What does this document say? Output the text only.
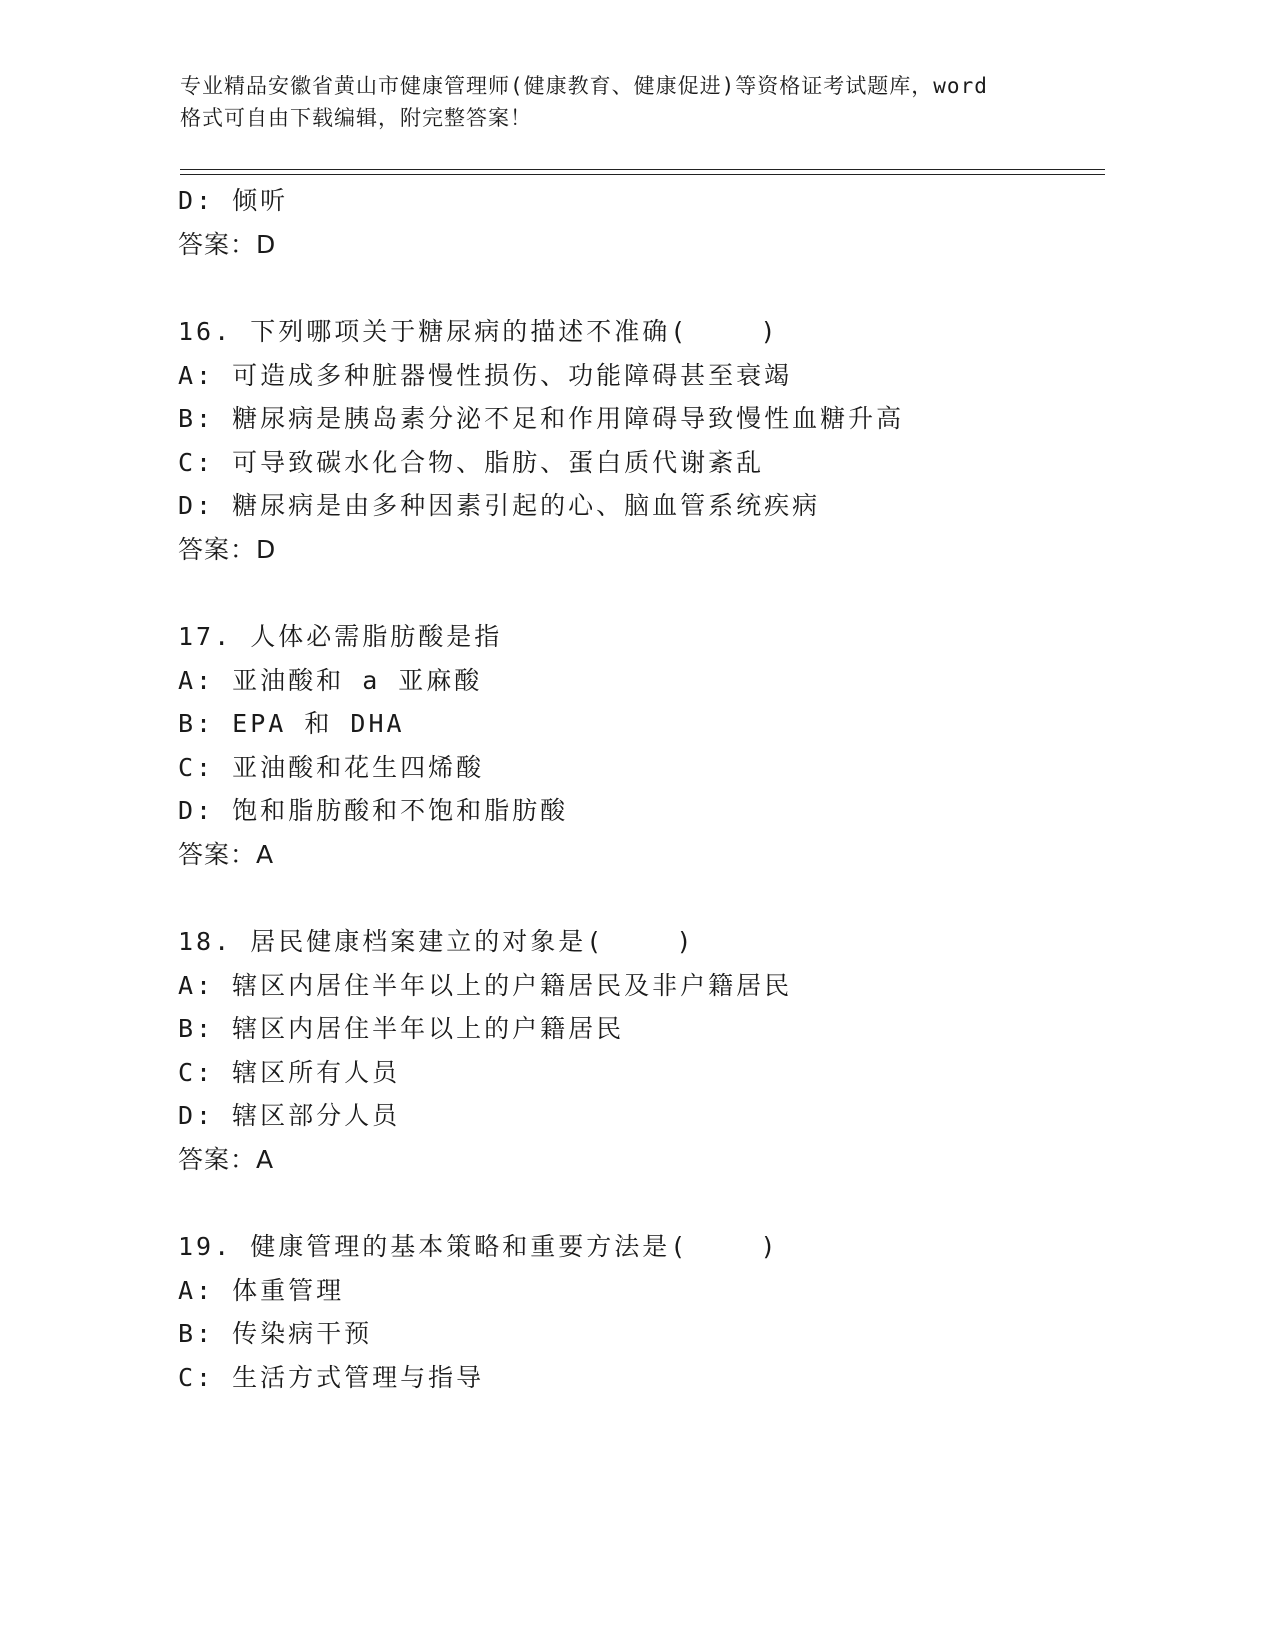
专业精品安徽省黄山市健康管理师(健康教育、健康促进)等资格证考试题库，word
格式可自由下载编辑，附完整答案！
D: 倾听
答案：D
16. 下列哪项关于糖尿病的描述不准确(    )
A: 可造成多种脏器慢性损伤、功能障碍甚至衰竭
B: 糖尿病是胰岛素分泌不足和作用障碍导致慢性血糖升高
C: 可导致碳水化合物、脂肪、蛋白质代谢紊乱
D: 糖尿病是由多种因素引起的心、脑血管系统疾病
答案：D
17. 人体必需脂肪酸是指
A: 亚油酸和 a 亚麻酸
B: EPA 和 DHA
C: 亚油酸和花生四烯酸
D: 饱和脂肪酸和不饱和脂肪酸
答案：A
18. 居民健康档案建立的对象是(    )
A: 辖区内居住半年以上的户籍居民及非户籍居民
B: 辖区内居住半年以上的户籍居民
C: 辖区所有人员
D: 辖区部分人员
答案：A
19. 健康管理的基本策略和重要方法是(    )
A: 体重管理
B: 传染病干预
C: 生活方式管理与指导
